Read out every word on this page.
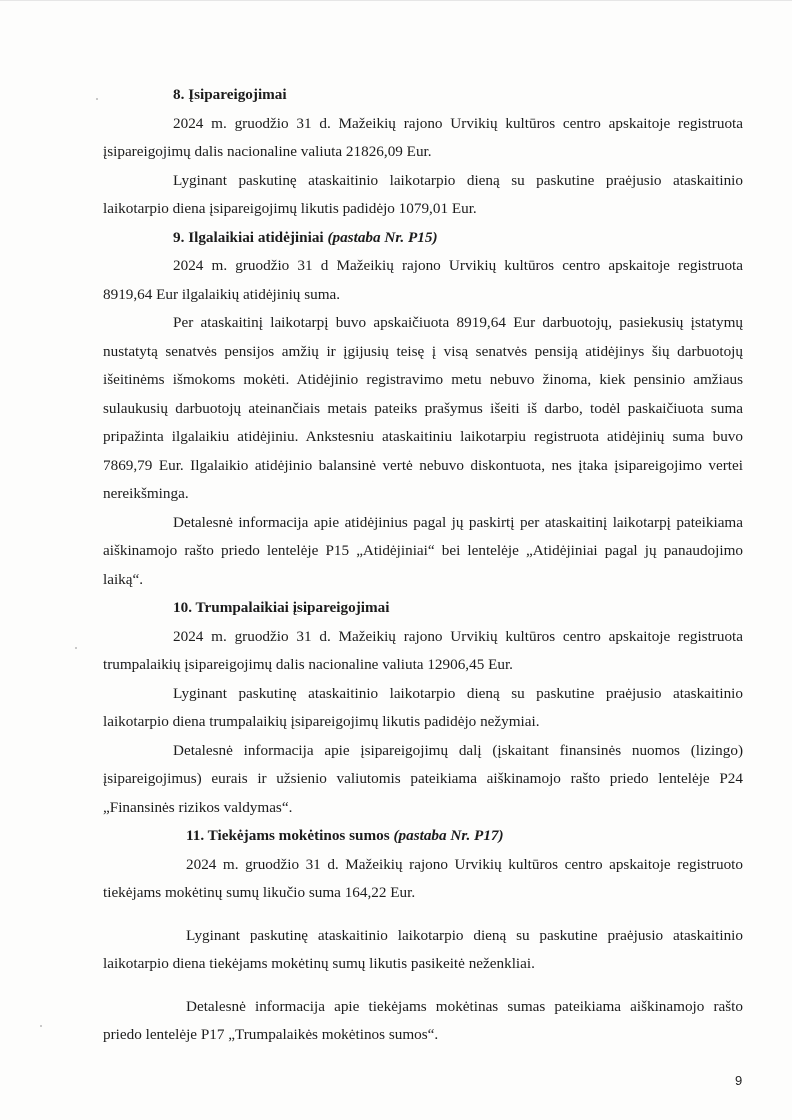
8. Įsipareigojimai

2024 m. gruodžio 31 d. Mažeikių rajono Urvikių kultūros centro apskaitoje registruota įsipareigojimų dalis nacionaline valiuta 21826,09 Eur.

Lyginant paskutinę ataskaitinio laikotarpio dieną su paskutine praėjusio ataskaitinio laikotarpio diena įsipareigojimų likutis padidėjo 1079,01 Eur.

9. Ilgalaikiai atidėjiniai (pastaba Nr. P15)

2024 m. gruodžio 31 d Mažeikių rajono Urvikių kultūros centro apskaitoje registruota 8919,64 Eur ilgalaikių atidėjinių suma.

Per ataskaitinį laikotarpį buvo apskaičiuota 8919,64 Eur darbuotojų, pasiekusių įstatymų nustatytą senatvės pensijos amžių ir įgijusių teisę į visą senatvės pensiją atidėjinys šių darbuotojų išeitinėms išmokoms mokėti. Atidėjinio registravimo metu nebuvo žinoma, kiek pensinio amžiaus sulaukusių darbuotojų ateinančiais metais pateiks prašymus išeiti iš darbo, todėl paskaičiuota suma pripažinta ilgalaikiu atidėjiniu. Ankstesniu ataskaitiniu laikotarpiu registruota atidėjinių suma buvo 7869,79 Eur. Ilgalaikio atidėjinio balansinė vertė nebuvo diskontuota, nes įtaka įsipareigojimo vertei nereikšminga.

Detalesnė informacija apie atidėjinius pagal jų paskirtį per ataskaitinį laikotarpį pateikiama aiškinamojo rašto priedo lentelėje P15 „Atidėjiniai“ bei lentelėje „Atidėjiniai pagal jų panaudojimo laiką“.

10. Trumpalaikiai įsipareigojimai

2024 m. gruodžio 31 d. Mažeikių rajono Urvikių kultūros centro apskaitoje registruota trumpalaikių įsipareigojimų dalis nacionaline valiuta 12906,45 Eur.

Lyginant paskutinę ataskaitinio laikotarpio dieną su paskutine praėjusio ataskaitinio laikotarpio diena trumpalaikių įsipareigojimų likutis padidėjo nežymiai.

Detalesnė informacija apie įsipareigojimų dalį (įskaitant finansinės nuomos (lizingo) įsipareigojimus) eurais ir užsienio valiutomis pateikiama aiškinamojo rašto priedo lentelėje P24 „Finansinės rizikos valdymas“.

11. Tiekėjams mokėtinos sumos (pastaba Nr. P17)

2024 m. gruodžio 31 d. Mažeikių rajono Urvikių kultūros centro apskaitoje registruoto tiekėjams mokėtinų sumų likučio suma 164,22 Eur.

Lyginant paskutinę ataskaitinio laikotarpio dieną su paskutine praėjusio ataskaitinio laikotarpio diena tiekėjams mokėtinų sumų likutis pasikeitė neženkliai.

Detalesnė informacija apie tiekėjams mokėtinas sumas pateikiama aiškinamojo rašto priedo lentelėje P17 „Trumpalaikės mokėtinos sumos“.

9
